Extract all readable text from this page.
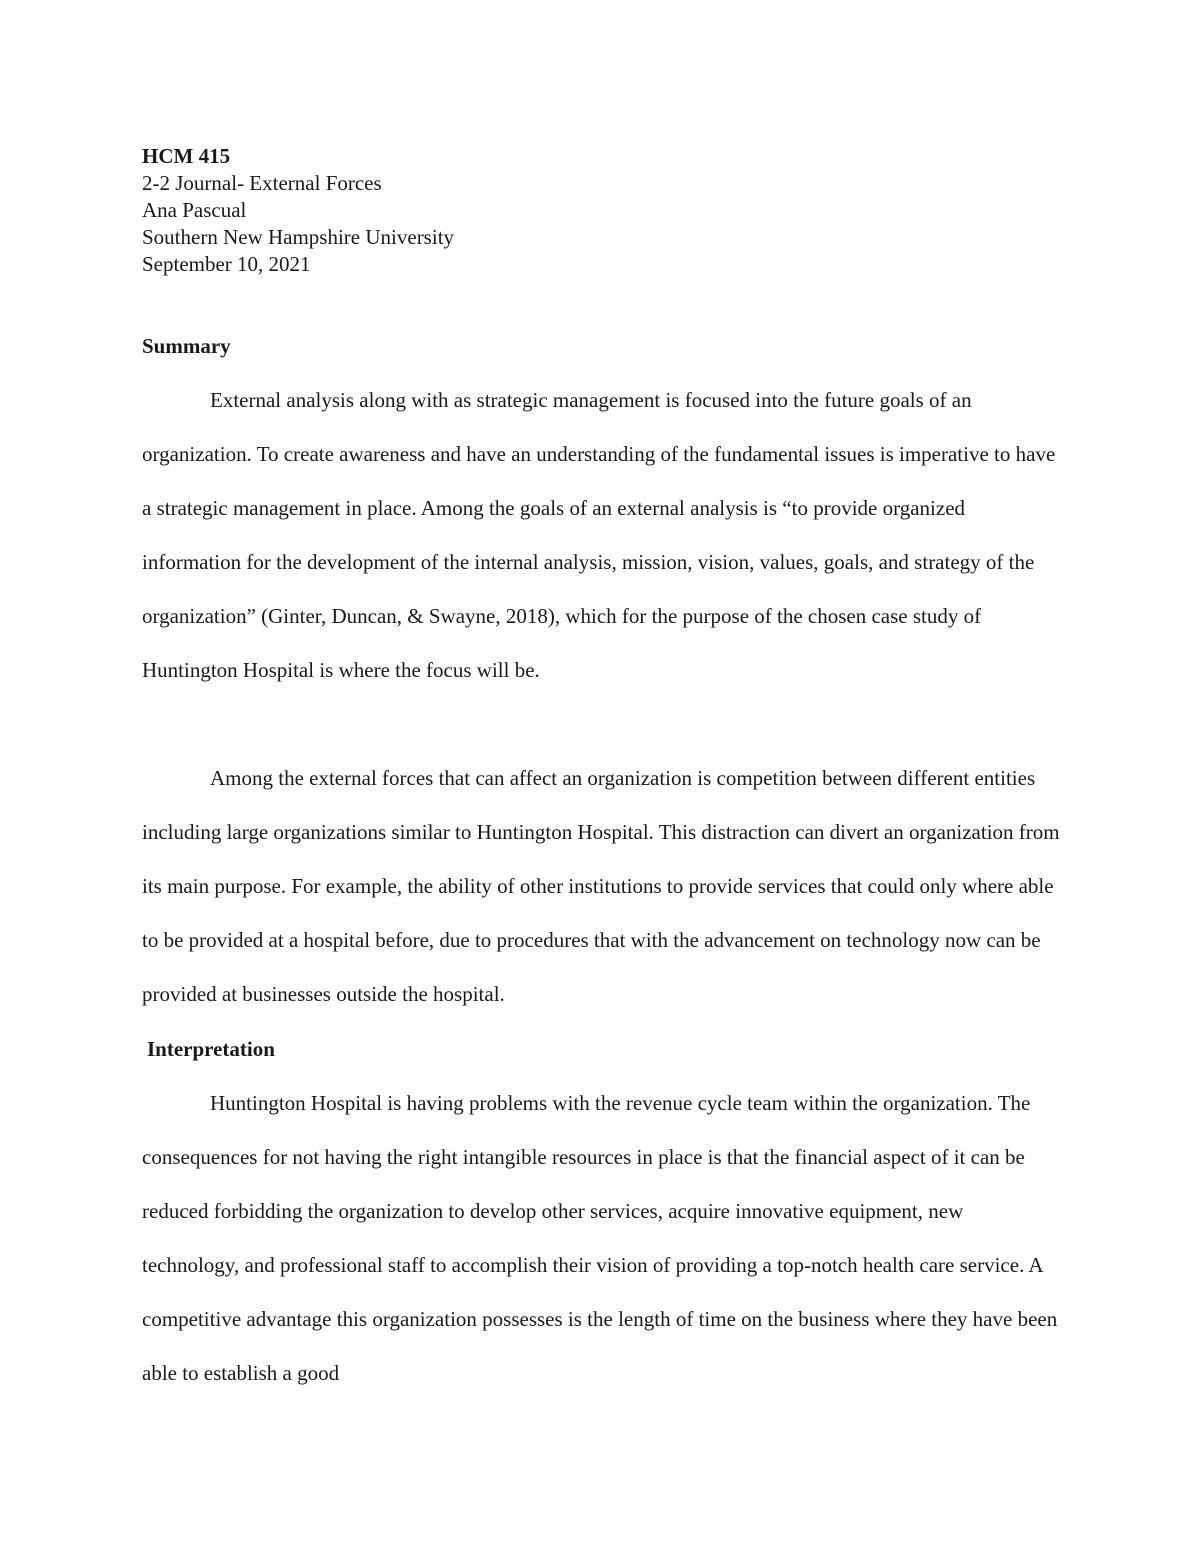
HCM 415
2-2 Journal- External Forces
Ana Pascual
Southern New Hampshire University
September 10, 2021
Summary

External analysis along with as strategic management is focused into the future goals of an organization. To create awareness and have an understanding of the fundamental issues is imperative to have a strategic management in place. Among the goals of an external analysis is “to provide organized information for the development of the internal analysis, mission, vision, values, goals, and strategy of the organization” (Ginter, Duncan, & Swayne, 2018), which for the purpose of the chosen case study of Huntington Hospital is where the focus will be.

Among the external forces that can affect an organization is competition between different entities including large organizations similar to Huntington Hospital. This distraction can divert an organization from its main purpose. For example, the ability of other institutions to provide services that could only where able to be provided at a hospital before, due to procedures that with the advancement on technology now can be provided at businesses outside the hospital.

Interpretation

Huntington Hospital is having problems with the revenue cycle team within the organization. The consequences for not having the right intangible resources in place is that the financial aspect of it can be reduced forbidding the organization to develop other services, acquire innovative equipment, new technology, and professional staff to accomplish their vision of providing a top-notch health care service. A competitive advantage this organization possesses is the length of time on the business where they have been able to establish a good
